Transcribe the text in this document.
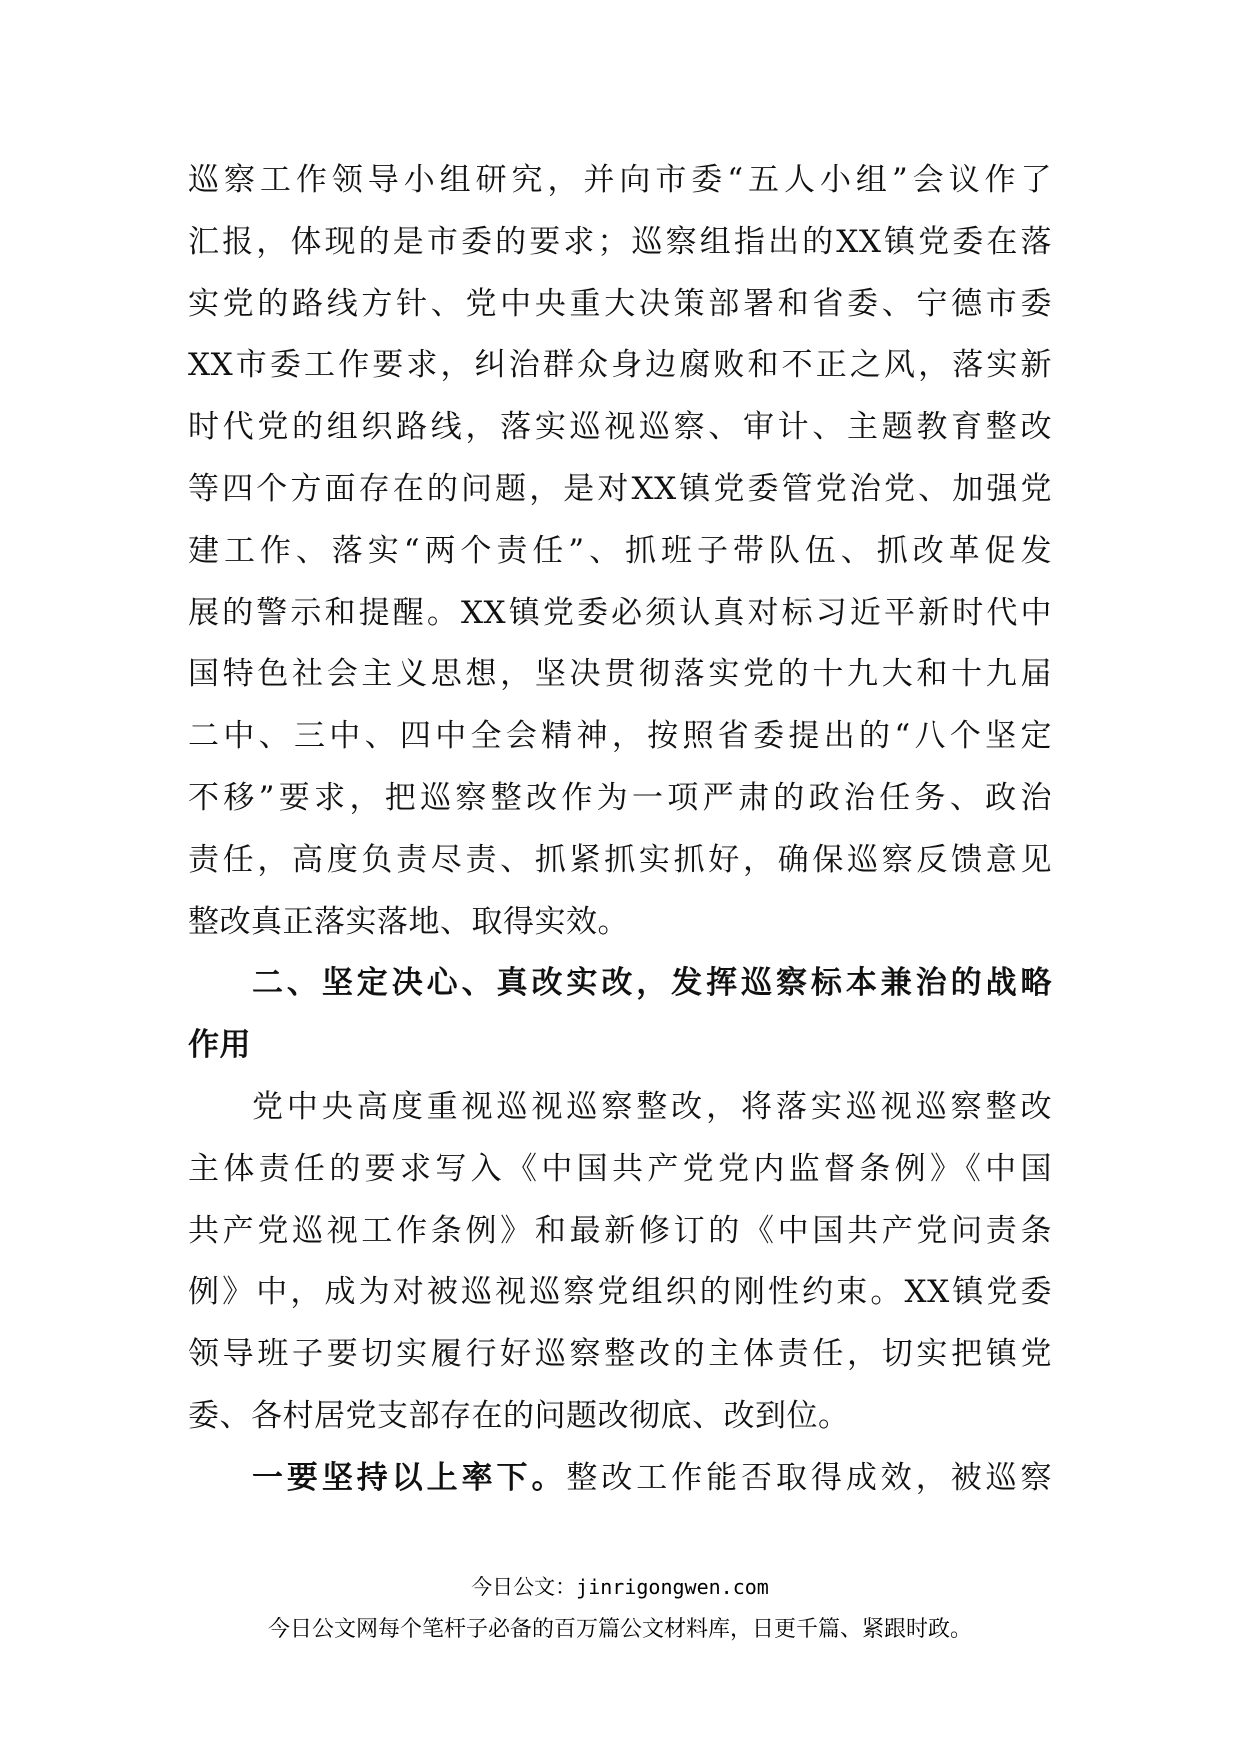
巡察工作领导小组研究，并向市委“五人小组”会议作了
汇报，体现的是市委的要求；巡察组指出的XX镇党委在落
实党的路线方针、党中央重大决策部署和省委、宁德市委
XX市委工作要求，纠治群众身边腐败和不正之风，落实新
时代党的组织路线，落实巡视巡察、审计、主题教育整改
等四个方面存在的问题，是对XX镇党委管党治党、加强党
建工作、落实“两个责任”、抓班子带队伍、抓改革促发
展的警示和提醒。XX镇党委必须认真对标习近平新时代中
国特色社会主义思想，坚决贯彻落实党的十九大和十九届
二中、三中、四中全会精神，按照省委提出的“八个坚定
不移”要求，把巡察整改作为一项严肃的政治任务、政治
责任，高度负责尽责、抓紧抓实抓好，确保巡察反馈意见
整改真正落实落地、取得实效。
二、坚定决心、真改实改，发挥巡察标本兼治的战略
作用
党中央高度重视巡视巡察整改，将落实巡视巡察整改
主体责任的要求写入《中国共产党党内监督条例》《中国
共产党巡视工作条例》和最新修订的《中国共产党问责条
例》中，成为对被巡视巡察党组织的刚性约束。XX镇党委
领导班子要切实履行好巡察整改的主体责任，切实把镇党
委、各村居党支部存在的问题改彻底、改到位。
一要坚持以上率下。整改工作能否取得成效，被巡察
今日公文：jinrigongwen.com
今日公文网每个笔杆子必备的百万篇公文材料库，日更千篇、紧跟时政。
